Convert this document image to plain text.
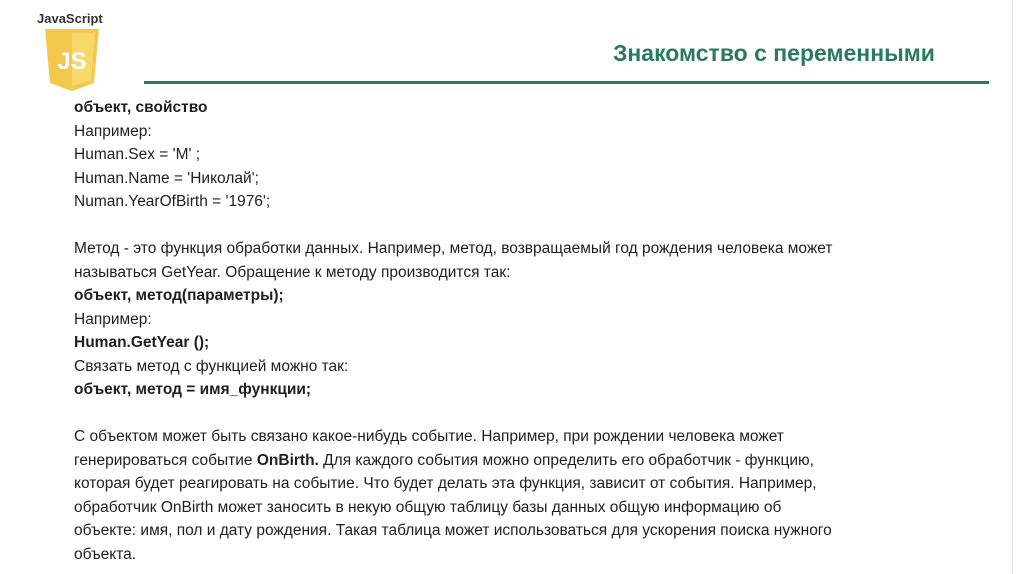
JavaScript
JS	Знакомство с переменными

объект, свойство

Например:

Human.Sex = 'M' ;

Human.Name = 'Николай';

Numan.YearOfBirth = '1976';

Метод - это функция обработки данных. Например, метод, возвращаемый год рождения человека может

называться GetYear. Обращение к методу производится так:

объект, метод(параметры);

Например:

Human.GetYear ();

Связать метод с функцией можно так:

объект, метод = имя_функции;

С объектом может быть связано какое-нибудь событие. Например, при рождении человека может

генерироваться событие OnBirth. Для каждого события можно определить его обработчик - функцию,

которая будет реагировать на событие. Что будет делать эта функция, зависит от события. Например,

обработчик OnBirth может заносить в некую общую таблицу базы данных общую информацию об

объекте: имя, пол и дату рождения. Такая таблица может использоваться для ускорения поиска нужного

объекта.
